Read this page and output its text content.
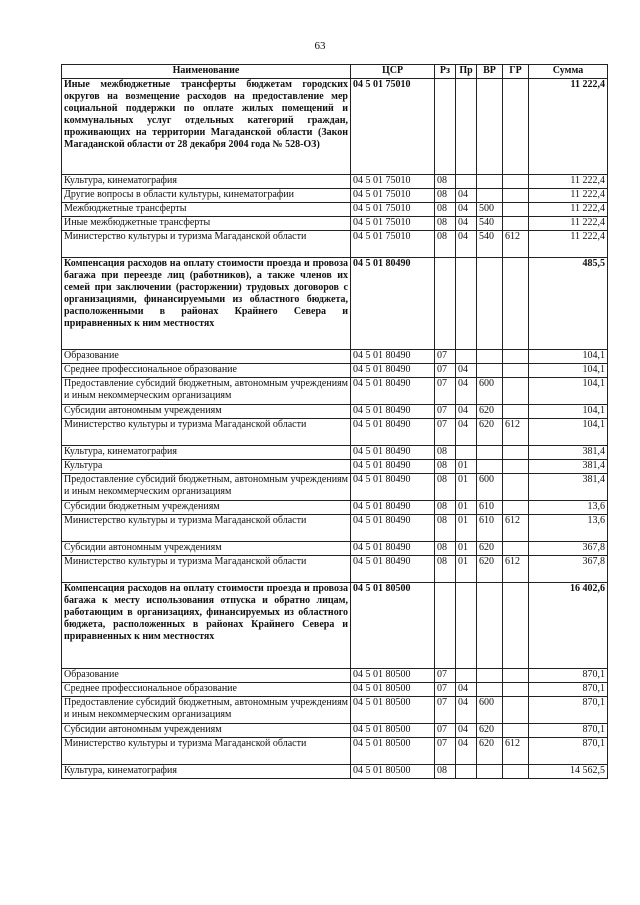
63
Наименование	ЦСР	Рз	Пр	ВР	ГР	Сумма
Иные межбюджетные трансферты бюджетам городских округов на возмещение расходов на предоставление мер социальной поддержки по оплате жилых помещений и коммунальных услуг отдельных категорий граждан, проживающих на территории Магаданской области (Закон Магаданской области от 28 декабря 2004 года № 528-ОЗ)	04 5 01 75010					11 222,4
Культура, кинематография	04 5 01 75010	08				11 222,4
Другие вопросы в области культуры, кинематографии	04 5 01 75010	08	04			11 222,4
Межбюджетные трансферты	04 5 01 75010	08	04	500		11 222,4
Иные межбюджетные трансферты	04 5 01 75010	08	04	540		11 222,4
Министерство культуры и туризма Магаданской области	04 5 01 75010	08	04	540	612	11 222,4
Компенсация расходов на оплату стоимости проезда и провоза багажа при переезде лиц (работников), а также членов их семей при заключении (расторжении) трудовых договоров с организациями, финансируемыми из областного бюджета, расположенными в районах Крайнего Севера и приравненных к ним местностях	04 5 01 80490					485,5
Образование	04 5 01 80490	07				104,1
Среднее профессиональное образование	04 5 01 80490	07	04			104,1
Предоставление субсидий бюджетным, автономным учреждениям и иным некоммерческим организациям	04 5 01 80490	07	04	600		104,1
Субсидии автономным учреждениям	04 5 01 80490	07	04	620		104,1
Министерство культуры и туризма Магаданской области	04 5 01 80490	07	04	620	612	104,1
Культура, кинематография	04 5 01 80490	08				381,4
Культура	04 5 01 80490	08	01			381,4
Предоставление субсидий бюджетным, автономным учреждениям и иным некоммерческим организациям	04 5 01 80490	08	01	600		381,4
Субсидии бюджетным учреждениям	04 5 01 80490	08	01	610		13,6
Министерство культуры и туризма Магаданской области	04 5 01 80490	08	01	610	612	13,6
Субсидии автономным учреждениям	04 5 01 80490	08	01	620		367,8
Министерство культуры и туризма Магаданской области	04 5 01 80490	08	01	620	612	367,8
Компенсация расходов на оплату стоимости проезда и провоза багажа к месту использования отпуска и обратно лицам, работающим в организациях, финансируемых из областного бюджета, расположенных в районах Крайнего Севера и приравненных к ним местностях	04 5 01 80500					16 402,6
Образование	04 5 01 80500	07				870,1
Среднее профессиональное образование	04 5 01 80500	07	04			870,1
Предоставление субсидий бюджетным, автономным учреждениям и иным некоммерческим организациям	04 5 01 80500	07	04	600		870,1
Субсидии автономным учреждениям	04 5 01 80500	07	04	620		870,1
Министерство культуры и туризма Магаданской области	04 5 01 80500	07	04	620	612	870,1
Культура, кинематография	04 5 01 80500	08				14 562,5
